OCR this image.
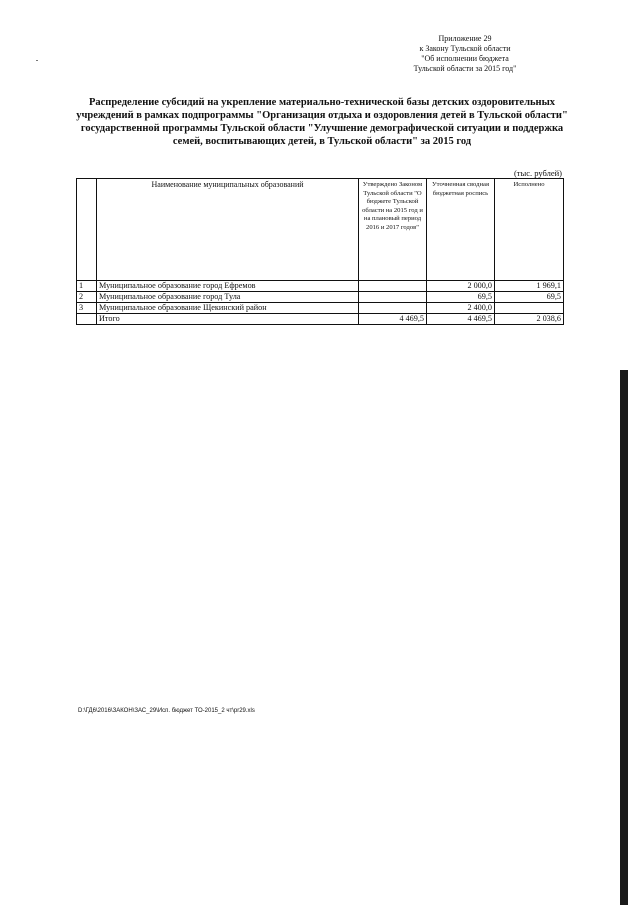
Приложение 29
к Закону Тульской области
"Об исполнении бюджета
Тульской области за 2015 год"
Распределение субсидий на укрепление материально-технической базы детских оздоровительных учреждений в рамках подпрограммы "Организация отдыха и оздоровления детей в Тульской области" государственной программы Тульской области "Улучшение демографической ситуации и поддержка семей, воспитывающих детей, в Тульской области" за 2015 год
(тыс. рублей)
	Наименование муниципальных образований	Утверждено Законом Тульской области "О бюджете Тульской области на 2015 год и на плановый период 2016 и 2017 годов"	Уточненная сводная бюджетная роспись	Исполнено
1	Муниципальное образование город Ефремов		2 000,0	1 969,1
2	Муниципальное образование город Тула		69,5	69,5
3	Муниципальное образование Щекинский район		2 400,0	
	Итого	4 469,5	4 469,5	2 038,6
D:\ГД6\2016\ЗАКОН\ЗАС_29\Исп. бюджет ТО-2015_2 чт\pr29.xls
